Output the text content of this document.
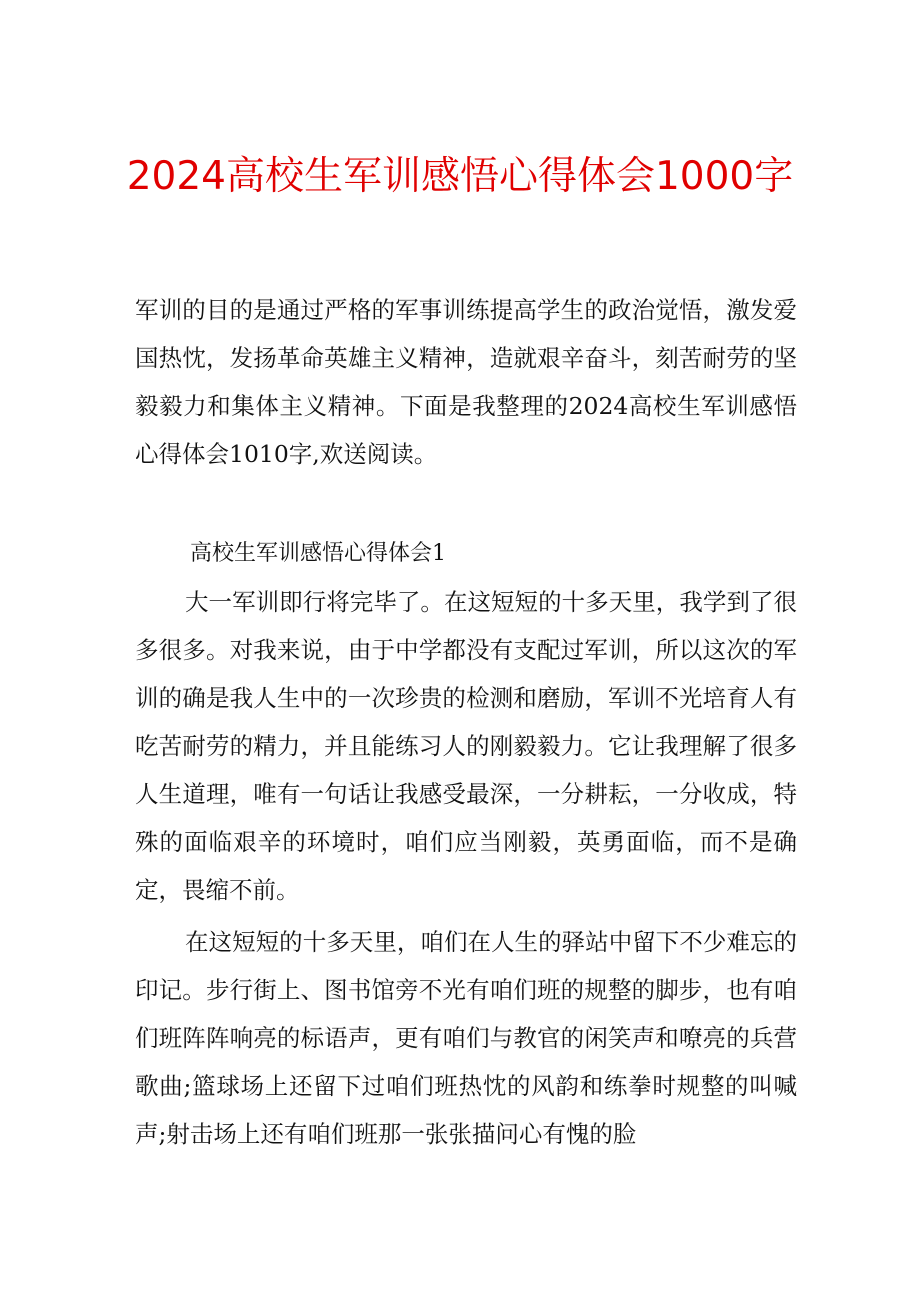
2024高校生军训感悟心得体会1000字

军训的目的是通过严格的军事训练提高学生的政治觉悟，激发爱国热忱，发扬革命英雄主义精神，造就艰辛奋斗，刻苦耐劳的坚毅毅力和集体主义精神。下面是我整理的2024高校生军训感悟心得体会1010字,欢送阅读。

高校生军训感悟心得体会1

大一军训即行将完毕了。在这短短的十多天里，我学到了很多很多。对我来说，由于中学都没有支配过军训，所以这次的军训的确是我人生中的一次珍贵的检测和磨励，军训不光培育人有吃苦耐劳的精力，并且能练习人的刚毅毅力。它让我理解了很多人生道理，唯有一句话让我感受最深，一分耕耘，一分收成，特殊的面临艰辛的环境时，咱们应当刚毅，英勇面临，而不是确定，畏缩不前。

在这短短的十多天里，咱们在人生的驿站中留下不少难忘的印记。步行街上、图书馆旁不光有咱们班的规整的脚步，也有咱们班阵阵响亮的标语声，更有咱们与教官的闲笑声和嘹亮的兵营歌曲;篮球场上还留下过咱们班热忱的风韵和练拳时规整的叫喊声;射击场上还有咱们班那一张张描问心有愧的脸
